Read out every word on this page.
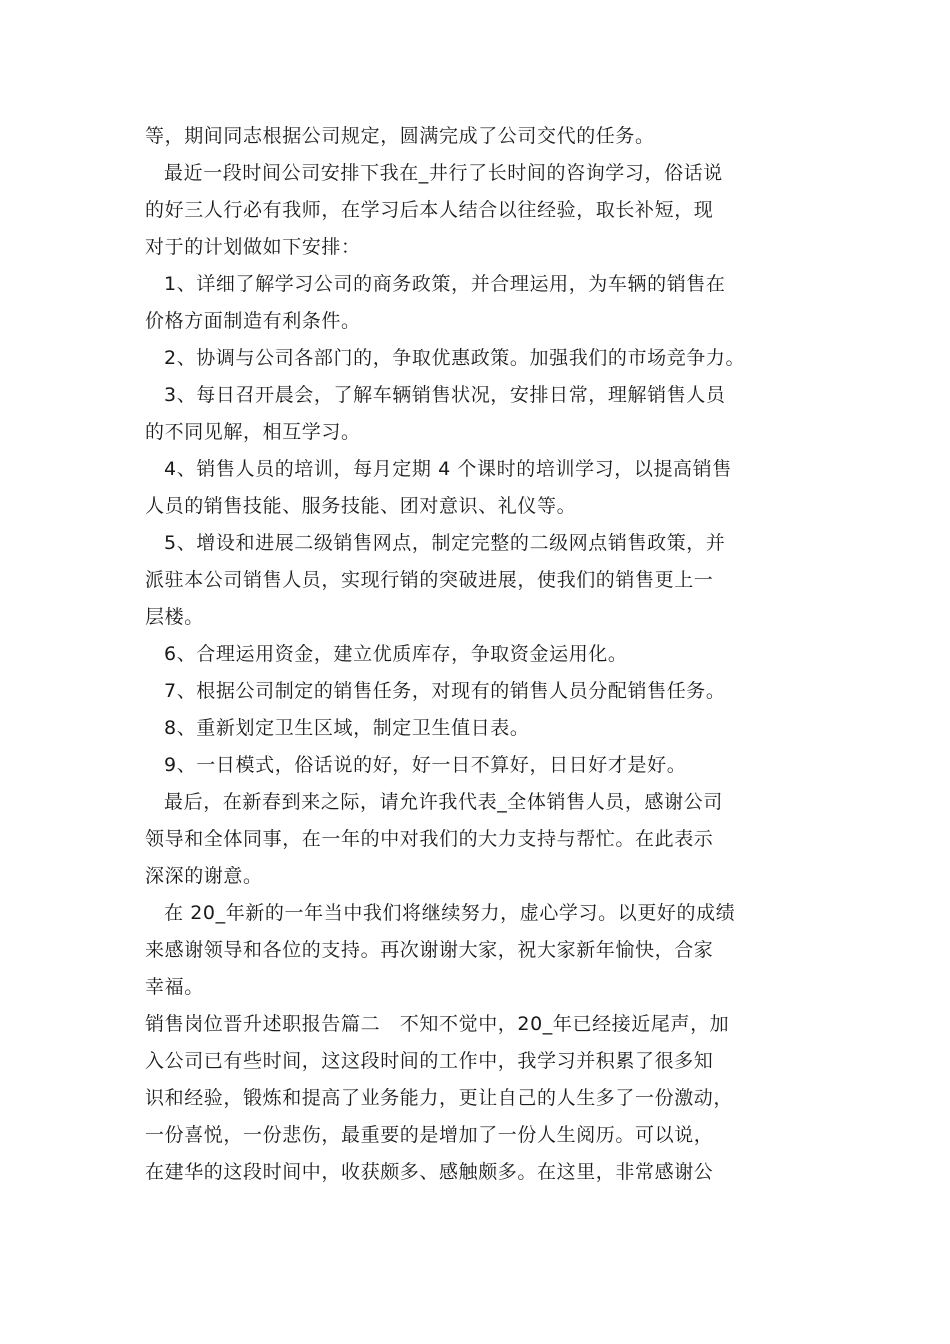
等，期间同志根据公司规定，圆满完成了公司交代的任务。
最近一段时间公司安排下我在_井行了长时间的咨询学习，俗话说
的好三人行必有我师，在学习后本人结合以往经验，取长补短，现
对于的计划做如下安排：
1、详细了解学习公司的商务政策，并合理运用，为车辆的销售在
价格方面制造有利条件。
2、协调与公司各部门的，争取优惠政策。加强我们的市场竞争力。
3、每日召开晨会，了解车辆销售状况，安排日常，理解销售人员
的不同见解，相互学习。
4、销售人员的培训，每月定期 4 个课时的培训学习，以提高销售
人员的销售技能、服务技能、团对意识、礼仪等。
5、增设和进展二级销售网点，制定完整的二级网点销售政策，并
派驻本公司销售人员，实现行销的突破进展，使我们的销售更上一
层楼。
6、合理运用资金，建立优质库存，争取资金运用化。
7、根据公司制定的销售任务，对现有的销售人员分配销售任务。
8、重新划定卫生区域，制定卫生值日表。
9、一日模式，俗话说的好，好一日不算好，日日好才是好。
最后，在新春到来之际，请允许我代表_全体销售人员，感谢公司
领导和全体同事，在一年的中对我们的大力支持与帮忙。在此表示
深深的谢意。
在 20_年新的一年当中我们将继续努力，虚心学习。以更好的成绩
来感谢领导和各位的支持。再次谢谢大家，祝大家新年愉快，合家
幸福。
销售岗位晋升述职报告篇二　不知不觉中，20_年已经接近尾声，加
入公司已有些时间，这这段时间的工作中，我学习并积累了很多知
识和经验，锻炼和提高了业务能力，更让自己的人生多了一份激动，
一份喜悦，一份悲伤，最重要的是增加了一份人生阅历。可以说，
在建华的这段时间中，收获颇多、感触颇多。在这里，非常感谢公
